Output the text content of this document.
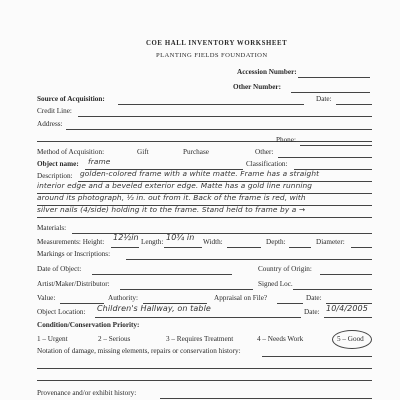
COE HALL INVENTORY WORKSHEET
PLANTING FIELDS FOUNDATION
Accession Number:
Other Number:
Source of Acquisition:	Date:
Credit Line:
Address:
Phone:
Method of Acquisition:	Gift	Purchase	Other:
Object name: frame	Classification:
Description: golden-colored frame with a white matte. Frame has a straight
interior edge and a beveled exterior edge. Matte has a gold line running
around its photograph, ½ in. out from it. Back of the frame is red, with
silver nails (4/side) holding it to the frame. Stand held to frame by a →
Materials:
Measurements: Height: 12½in Length: 10¾ in Width:	Depth:	Diameter:
Markings or Inscriptions:
Date of Object:	Country of Origin:
Artist/Maker/Distributor:	Signed Loc.
Value:	Authority:	Appraisal on File?	Date:
Object Location: Children's Hallway, on table	Date: 10/4/2005
Condition/Conservation Priority:
1 – Urgent	2 – Serious	3 – Requires Treatment	4 – Needs Work	5 – Good
Notation of damage, missing elements, repairs or conservation history:
Provenance and/or exhibit history:
